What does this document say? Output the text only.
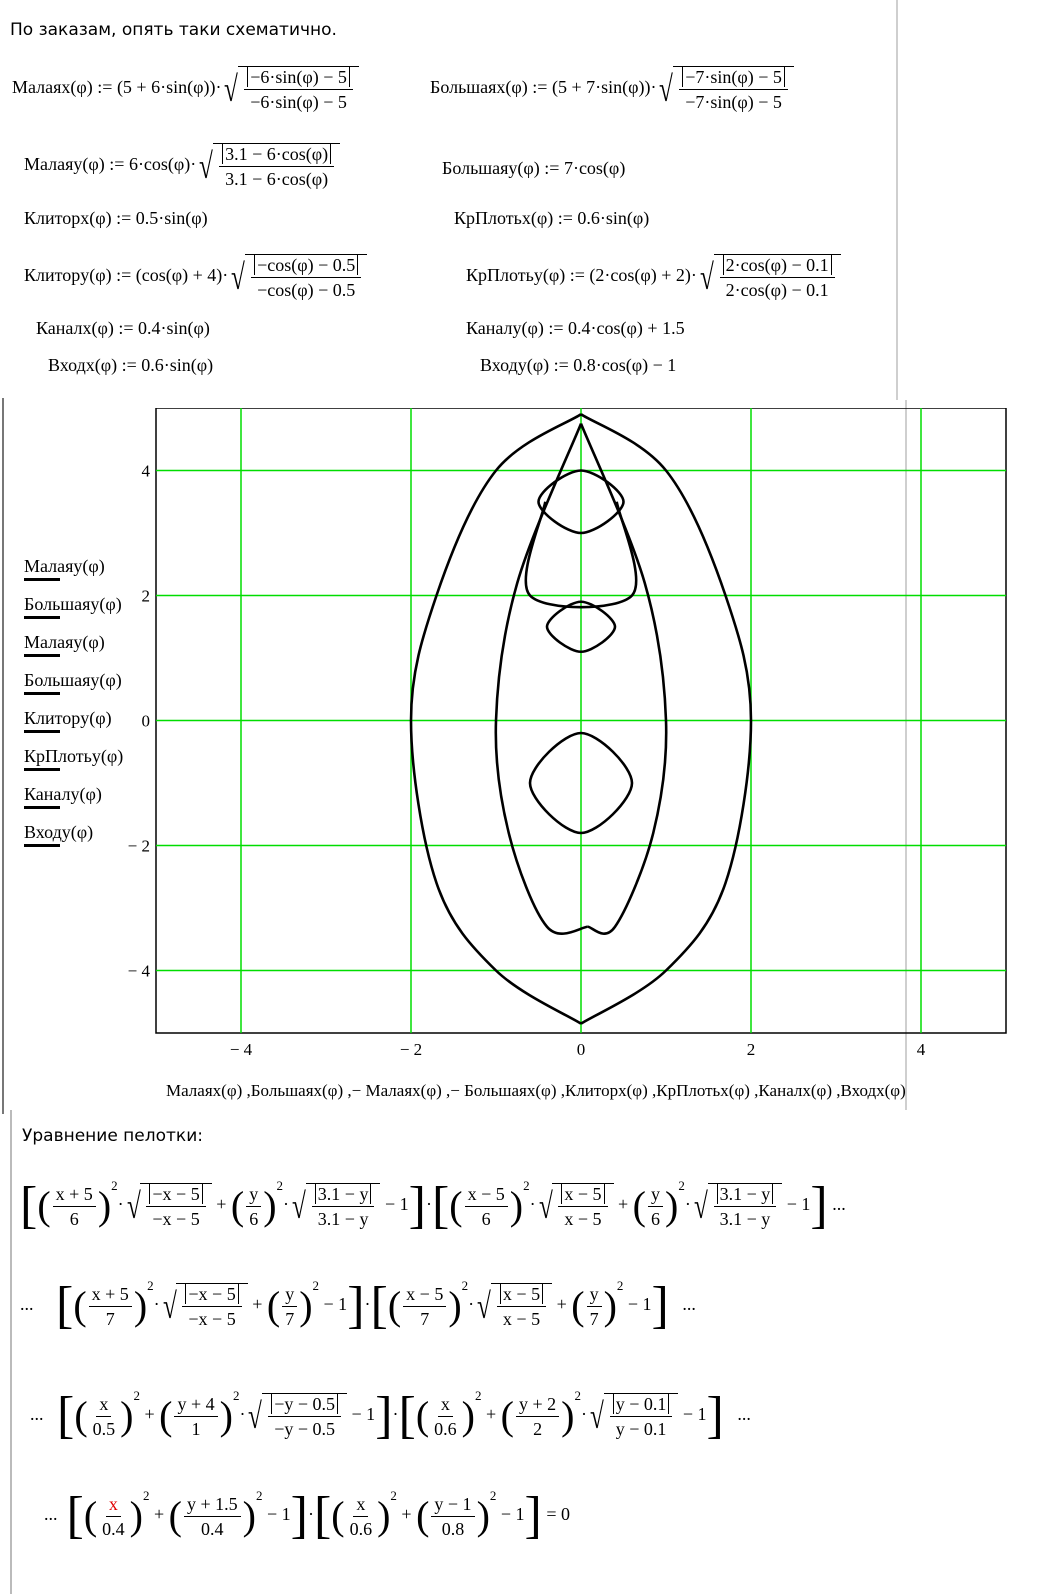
По заказам, опять таки схематично.
Малаяx(φ) := (5 + 6·sin(φ))· √ $\frac{-6\cdot\sin(\varphi) - 5}{-6\cdot\sin(\varphi) - 5}$	Большаяx(φ) := (5 + 7·sin(φ))· √ $\frac{-7\cdot\sin(\varphi) - 5}{-7\cdot\sin(\varphi) - 5}$
Малаяy(φ) := 6·cos(φ)· √ $\frac{3.1 - 6\cdot\cos(\varphi)}{3.1 - 6\cdot\cos(\varphi)}$	Большаяy(φ) := 7·cos(φ)
Клиторx(φ) := 0.5·sin(φ)	КрПлотьx(φ) := 0.6·sin(φ)
Клиторy(φ) := (cos(φ) + 4)· √ $\frac{-\cos(\varphi) - 0.5}{-\cos(\varphi) - 0.5}$	КрПлотьy(φ) := (2·cos(φ) + 2)· √ $\frac{2\cdot\cos(\varphi) - 0.1}{2\cdot\cos(\varphi) - 0.1}$
Каналx(φ) := 0.4·sin(φ)	Каналy(φ) := 0.4·cos(φ) + 1.5
Входx(φ) := 0.6·sin(φ)	Входy(φ) := 0.8·cos(φ) − 1
Малаяy(φ)
Большаяy(φ)
Малаяy(φ)
Большаяy(φ)
Клиторy(φ)
КрПлотьy(φ)
Каналy(φ)
Входy(φ)
− 4	− 2	0	2	4
4
2
0
− 2
− 4
Малаяx(φ) ,Большаяx(φ) ,− Малаяx(φ) ,− Большаяx(φ) ,Клиторx(φ) ,КрПлотьx(φ) ,Каналx(φ) ,Входx(φ)
Уравнение пелотки:
[( $\frac{x + 5}{6} )^2\cdot$ √ $\frac{-x - 5}{-x - 5}$ + ( $\frac{y}{6} )^2\cdot$ √ $\frac{3.1 - y}{3.1 - y} - 1]\cdot[( \frac{x - 5}{6} )^2\cdot$ √ $\frac{x - 5}{x - 5}$ + ( $\frac{y}{6} )^2\cdot$ √ $\frac{3.1 - y}{3.1 - y} - 1$] ...
... [( $\frac{x + 5}{7} )^2\cdot$ √ $\frac{-x - 5}{-x - 5}$ + ( $\frac{y}{7} )^2 - 1]\cdot[( \frac{x - 5}{7} )^2\cdot$ √ $\frac{x - 5}{x - 5}$ + ( $\frac{y}{7} )^2 - 1$] ...
... [( $\frac{x}{0.5} )^2$ + ( $\frac{y + 4}{1} )^2\cdot$ √ $\frac{-y - 0.5}{-y - 0.5} - 1]\cdot[( \frac{x}{0.6} )^2$ + ( $\frac{y + 2}{2} )^2\cdot$ √ $\frac{y - 0.1}{y - 0.1} - 1$] ...
... [( $\frac{x}{0.4} )^2$ + ( $\frac{y + 1.5}{0.4} )^2 - 1]\cdot[( \frac{x}{0.6} )^2$ + ( $\frac{y - 1}{0.8} )^2 - 1] = 0$
